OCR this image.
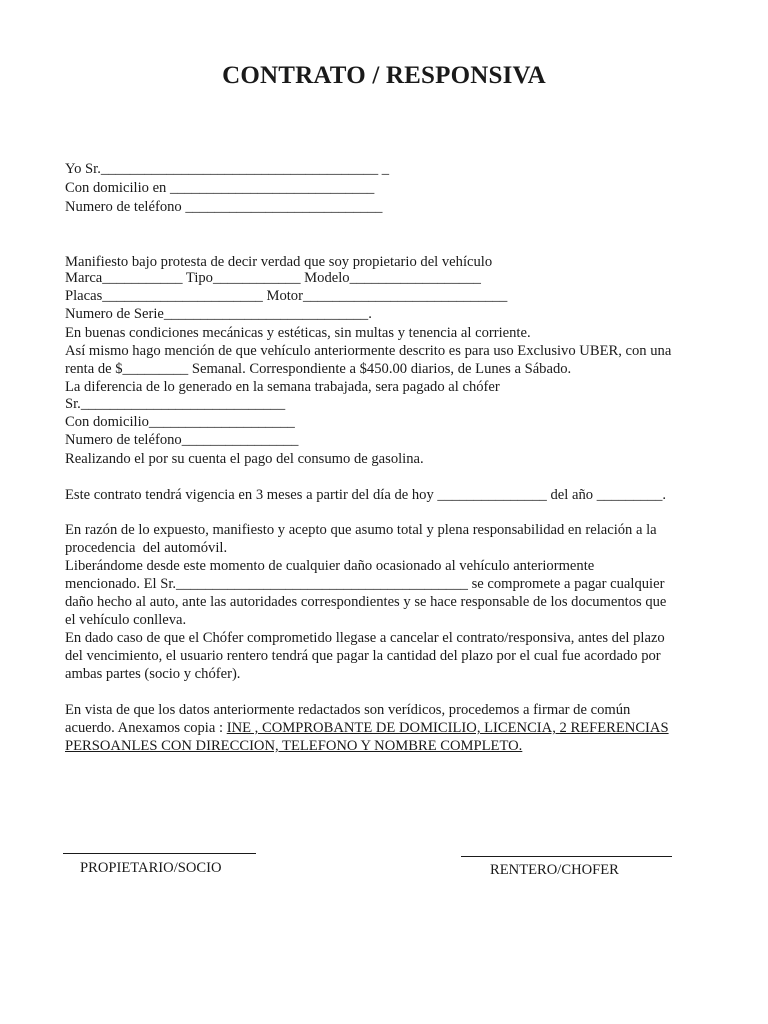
CONTRATO / RESPONSIVA
Yo Sr.______________________________________ _
Con domicilio en ____________________________
Numero de teléfono ___________________________
Manifiesto bajo protesta de decir verdad que soy propietario del vehículo
Marca___________ Tipo____________ Modelo__________________
Placas______________________ Motor____________________________
Numero de Serie____________________________.
En buenas condiciones mecánicas y estéticas, sin multas y tenencia al corriente.
Así mismo hago mención de que vehículo anteriormente descrito es para uso Exclusivo UBER, con una
renta de $_________ Semanal. Correspondiente a $450.00 diarios, de Lunes a Sábado.
La diferencia de lo generado en la semana trabajada, sera pagado al chófer
Sr.____________________________
Con domicilio____________________
Numero de teléfono________________
Realizando el por su cuenta el pago del consumo de gasolina.
Este contrato tendrá vigencia en 3 meses a partir del día de hoy _______________ del año _________.
En razón de lo expuesto, manifiesto y acepto que asumo total y plena responsabilidad en relación a la
procedencia  del automóvil.
Liberándome desde este momento de cualquier daño ocasionado al vehículo anteriormente
mencionado. El Sr.________________________________________ se compromete a pagar cualquier
daño hecho al auto, ante las autoridades correspondientes y se hace responsable de los documentos que
el vehículo conlleva.
En dado caso de que el Chófer comprometido llegase a cancelar el contrato/responsiva, antes del plazo
del vencimiento, el usuario rentero tendrá que pagar la cantidad del plazo por el cual fue acordado por
ambas partes (socio y chófer).
En vista de que los datos anteriormente redactados son verídicos, procedemos a firmar de común
acuerdo. Anexamos copia : INE , COMPROBANTE DE DOMICILIO, LICENCIA, 2 REFERENCIAS
PERSOANLES CON DIRECCION, TELEFONO Y NOMBRE COMPLETO.
PROPIETARIO/SOCIO	RENTERO/CHOFER
